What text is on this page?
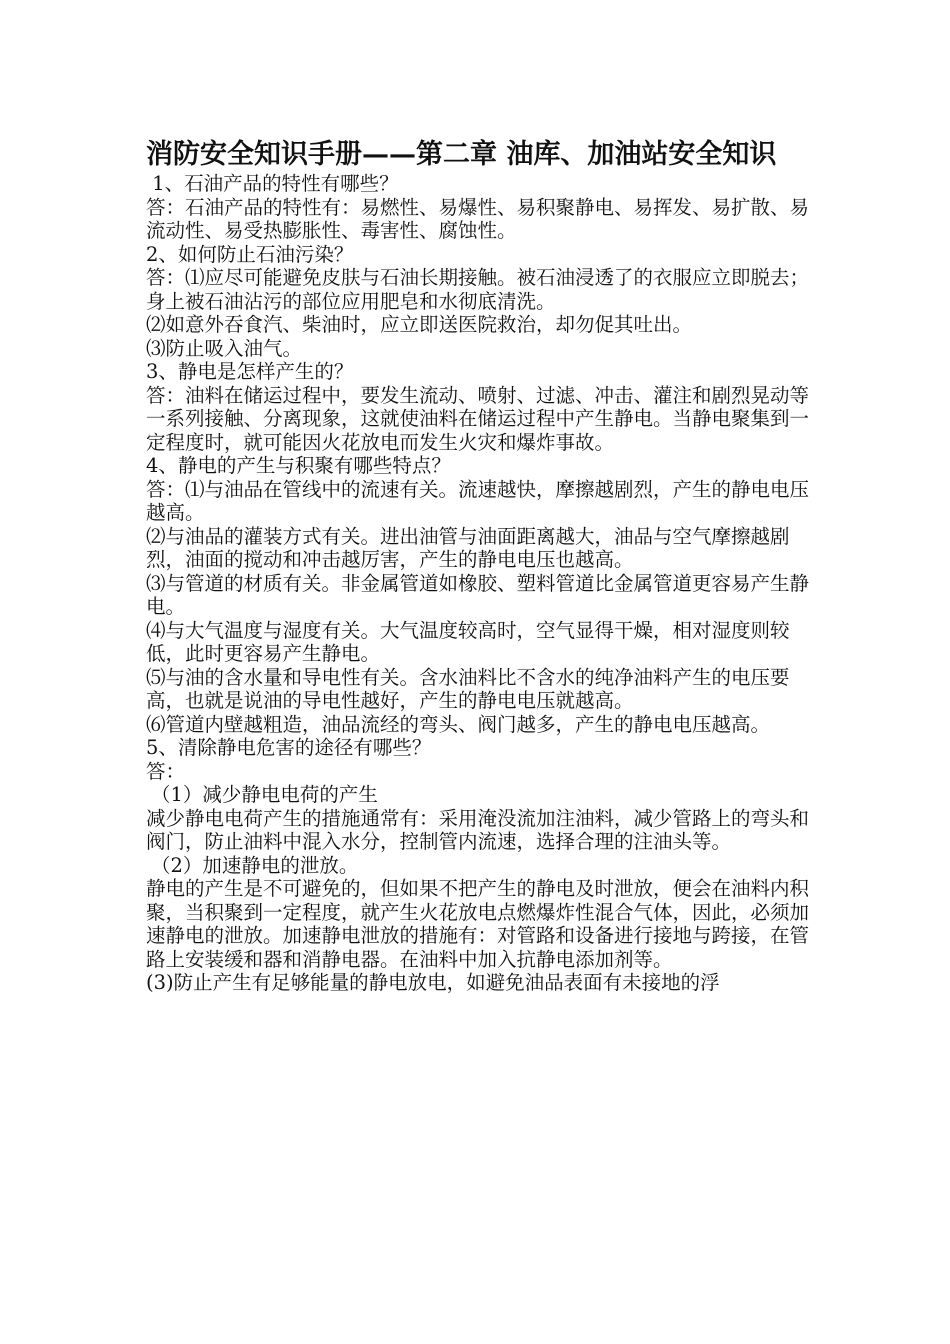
消防安全知识手册——第二章 油库、加油站安全知识

1、石油产品的特性有哪些？

答：石油产品的特性有：易燃性、易爆性、易积聚静电、易挥发、易扩散、易流动性、易受热膨胀性、毒害性、腐蚀性。

2、如何防止石油污染？

答：⑴应尽可能避免皮肤与石油长期接触。被石油浸透了的衣服应立即脱去；身上被石油沾污的部位应用肥皂和水彻底清洗。

⑵如意外吞食汽、柴油时，应立即送医院救治，却勿促其吐出。

⑶防止吸入油气。

3、静电是怎样产生的？

答：油料在储运过程中，要发生流动、喷射、过滤、冲击、灌注和剧烈晃动等一系列接触、分离现象，这就使油料在储运过程中产生静电。当静电聚集到一定程度时，就可能因火花放电而发生火灾和爆炸事故。

4、静电的产生与积聚有哪些特点？

答：⑴与油品在管线中的流速有关。流速越快，摩擦越剧烈，产生的静电电压越高。

⑵与油品的灌装方式有关。进出油管与油面距离越大，油品与空气摩擦越剧烈，油面的搅动和冲击越厉害，产生的静电电压也越高。

⑶与管道的材质有关。非金属管道如橡胶、塑料管道比金属管道更容易产生静电。

⑷与大气温度与湿度有关。大气温度较高时，空气显得干燥，相对湿度则较低，此时更容易产生静电。

⑸与油的含水量和导电性有关。含水油料比不含水的纯净油料产生的电压要高，也就是说油的导电性越好，产生的静电电压就越高。

⑹管道内壁越粗造，油品流经的弯头、阀门越多，产生的静电电压越高。

5、清除静电危害的途径有哪些？

答：

（1）减少静电电荷的产生

减少静电电荷产生的措施通常有：采用淹没流加注油料，减少管路上的弯头和阀门，防止油料中混入水分，控制管内流速，选择合理的注油头等。

（2）加速静电的泄放。

静电的产生是不可避免的，但如果不把产生的静电及时泄放，便会在油料内积聚，当积聚到一定程度，就产生火花放电点燃爆炸性混合气体，因此，必须加速静电的泄放。加速静电泄放的措施有：对管路和设备进行接地与跨接，在管路上安装缓和器和消静电器。在油料中加入抗静电添加剂等。

(3)防止产生有足够能量的静电放电，如避免油品表面有未接地的浮
